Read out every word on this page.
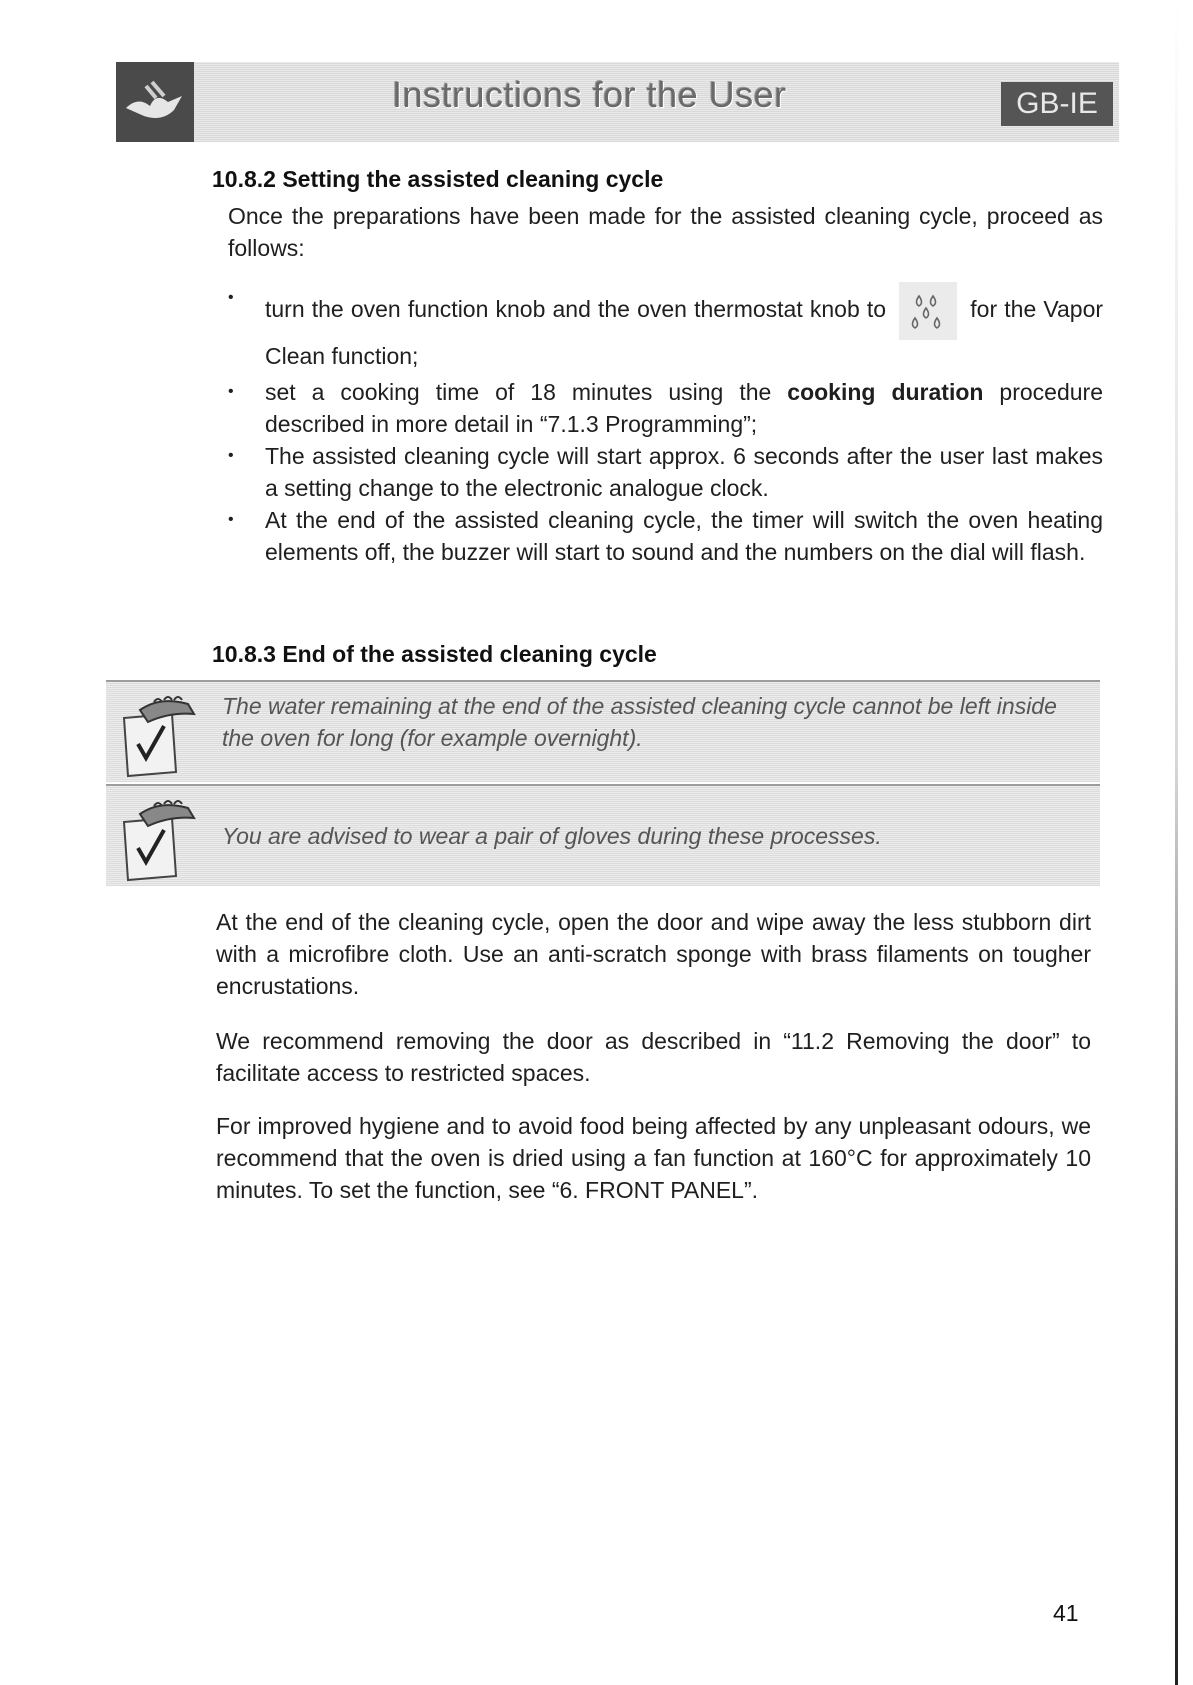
Instructions for the User	GB-IE
10.8.2 Setting the assisted cleaning cycle
Once the preparations have been made for the assisted cleaning cycle, proceed as follows:
• turn the oven function knob and the oven thermostat knob to	for the Vapor Clean function;
• set a cooking time of 18 minutes using the cooking duration procedure described in more detail in “7.1.3 Programming”;
• The assisted cleaning cycle will start approx. 6 seconds after the user last makes a setting change to the electronic analogue clock.
• At the end of the assisted cleaning cycle, the timer will switch the oven heating elements off, the buzzer will start to sound and the numbers on the dial will flash.
10.8.3 End of the assisted cleaning cycle
The water remaining at the end of the assisted cleaning cycle cannot be left inside the oven for long (for example overnight).
You are advised to wear a pair of gloves during these processes.
At the end of the cleaning cycle, open the door and wipe away the less stubborn dirt with a microfibre cloth. Use an anti-scratch sponge with brass filaments on tougher encrustations.
We recommend removing the door as described in “11.2 Removing the door” to facilitate access to restricted spaces.
For improved hygiene and to avoid food being affected by any unpleasant odours, we recommend that the oven is dried using a fan function at 160°C for approximately 10 minutes. To set the function, see “6. FRONT PANEL”.
41
